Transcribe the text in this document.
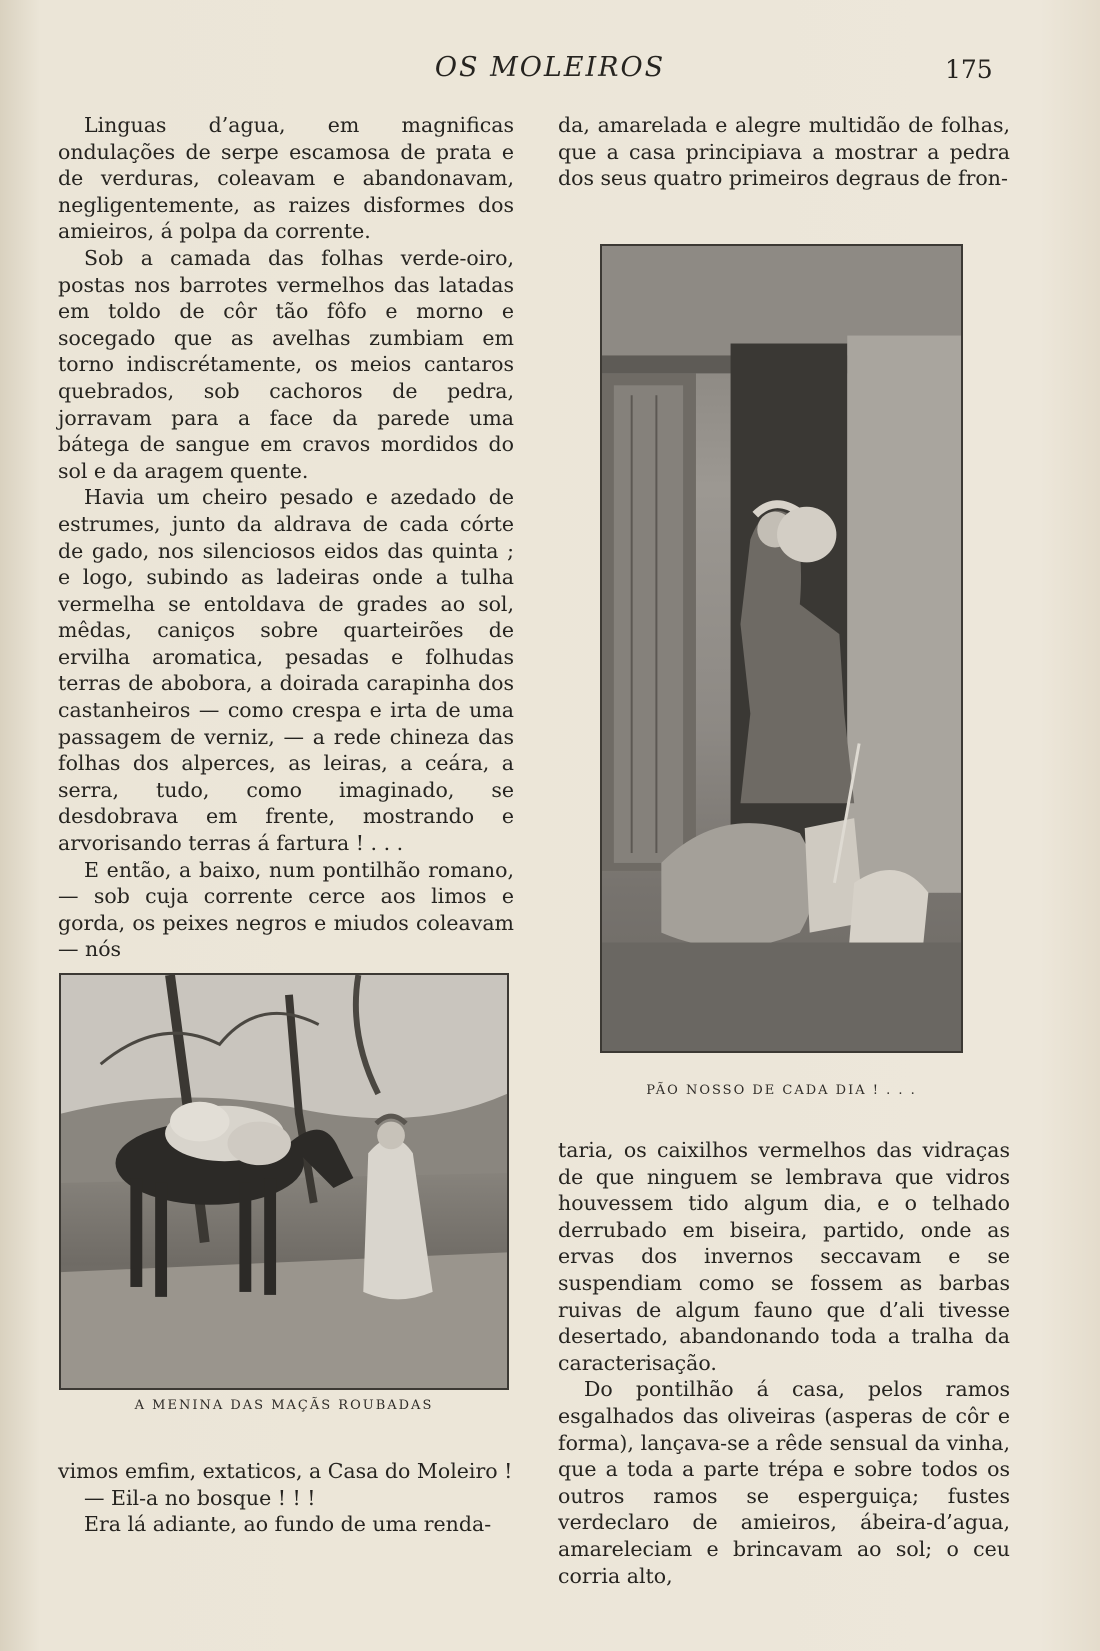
OS MOLEIROS	175

Linguas d’agua, em magnificas ondulações de serpe escamosa de prata e de verduras, coleavam e abandonavam, negligentemente, as raizes disformes dos amieiros, á polpa da corrente.

Sob a camada das folhas verde-oiro, postas nos barrotes vermelhos das latadas em toldo de côr tão fôfo e morno e socegado que as avelhas zumbiam em torno indiscrétamente, os meios cantaros quebrados, sob cachoros de pedra, jorravam para a face da parede uma bátega de sangue em cravos mordidos do sol e da aragem quente.

Havia um cheiro pesado e azedado de estrumes, junto da aldrava de cada córte de gado, nos silenciosos eidos das quinta ; e logo, subindo as ladeiras onde a tulha vermelha se entoldava de grades ao sol, mêdas, caniços sobre quarteirões de ervilha aromatica, pesadas e folhudas terras de abobora, a doirada carapinha dos castanheiros — como crespa e irta de uma passagem de verniz, — a rede chineza das folhas dos alperces, as leiras, a ceára, a serra, tudo, como imaginado, se desdobrava em frente, mostrando e arvorisando terras á fartura ! . . .

E então, a baixo, num pontilhão romano, — sob cuja corrente cerce aos limos e gorda, os peixes negros e miudos coleavam — nós

A MENINA DAS MAÇÃS ROUBADAS

vimos emfim, extaticos, a Casa do Moleiro !

— Eil-a no bosque ! ! !

Era lá adiante, ao fundo de uma renda-

da, amarelada e alegre multidão de folhas, que a casa principiava a mostrar a pedra dos seus quatro primeiros degraus de fron-

PÃO NOSSO DE CADA DIA ! . . .

taria, os caixilhos vermelhos das vidraças de que ninguem se lembrava que vidros houvessem tido algum dia, e o telhado derrubado em biseira, partido, onde as ervas dos invernos seccavam e se suspendiam como se fossem as barbas ruivas de algum fauno que d’ali tivesse desertado, abandonando toda a tralha da caracterisação.

Do pontilhão á casa, pelos ramos esgalhados das oliveiras (asperas de côr e forma), lançava-se a rêde sensual da vinha, que a toda a parte trépa e sobre todos os outros ramos se esperguiça; fustes verdeclaro de amieiros, ábeira-d’agua, amareleciam e brincavam ao sol; o ceu corria alto,
